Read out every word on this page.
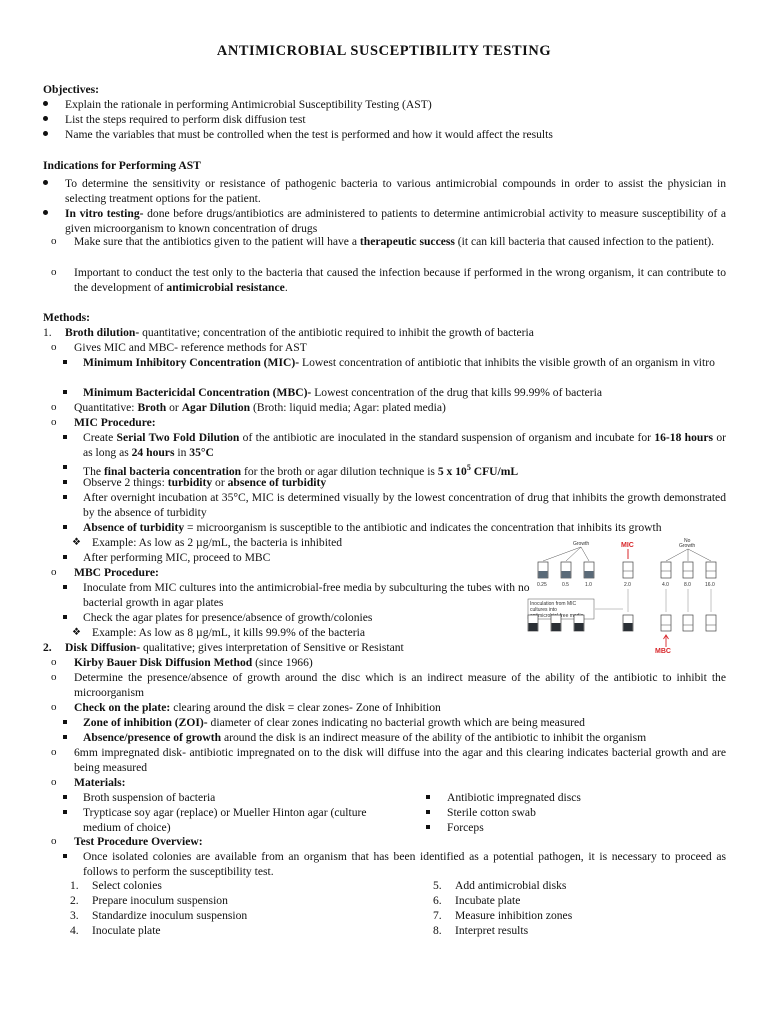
ANTIMICROBIAL SUSCEPTIBILITY TESTING
Objectives:
Explain the rationale in performing Antimicrobial Susceptibility Testing (AST)
List the steps required to perform disk diffusion test
Name the variables that must be controlled when the test is performed and how it would affect the results
Indications for Performing AST
To determine the sensitivity or resistance of pathogenic bacteria to various antimicrobial compounds in order to assist the physician in selecting treatment options for the patient.
In vitro testing- done before drugs/antibiotics are administered to patients to determine antimicrobial activity to measure susceptibility of a given microorganism to known concentration of drugs
o	Make sure that the antibiotics given to the patient will have a therapeutic success (it can kill bacteria that caused infection to the patient).
o	Important to conduct the test only to the bacteria that caused the infection because if performed in the wrong organism, it can contribute to the development of antimicrobial resistance.
Methods:
1. Broth dilution- quantitative; concentration of the antibiotic required to inhibit the growth of bacteria
o	Gives MIC and MBC- reference methods for AST
Minimum Inhibitory Concentration (MIC)- Lowest concentration of antibiotic that inhibits the visible growth of an organism in vitro
Minimum Bactericidal Concentration (MBC)- Lowest concentration of the drug that kills 99.99% of bacteria
o	Quantitative: Broth or Agar Dilution (Broth: liquid media; Agar: plated media)
o	MIC Procedure:
Create Serial Two Fold Dilution of the antibiotic are inoculated in the standard suspension of organism and incubate for 16-18 hours or as long as 24 hours in 35°C
The final bacteria concentration for the broth or agar dilution technique is 5 x $10^5$ CFU/mL
Observe 2 things: turbidity or absence of turbidity
After overnight incubation at 35°C, MIC is determined visually by the lowest concentration of drug that inhibits the growth demonstrated by the absence of turbidity
Absence of turbidity = microorganism is susceptible to the antibiotic and indicates the concentration that inhibits its growth
❖ Example: As low as 2 µg/mL, the bacteria is inhibited
After performing MIC, proceed to MBC
o	MBC Procedure:
Inoculate from MIC cultures into the antimicrobial-free media by subculturing the tubes with no bacterial growth in agar plates
Check the agar plates for presence/absence of growth/colonies
❖ Example: As low as 8 µg/mL, it kills 99.9% of the bacteria
Growth	MIC
No
Growth
0.25	0.5	1.0	2.0	4.0	8.0	16.0
Inoculation from MIC
cultures into
antimicrobial-free
MBC
2. Disk Diffusion- qualitative; gives interpretation of Sensitive or Resistant
o	Kirby Bauer Disk Diffusion Method (since 1966)
o	Determine the presence/absence of growth around the disc which is an indirect measure of the ability of the antibiotic to inhibit the microorganism
o	Check on the plate: clearing around the disk = clear zones- Zone of Inhibition
Zone of inhibition (ZOI)- diameter of clear zones indicating no bacterial growth which are being measured
Absence/presence of growth around the disk is an indirect measure of the ability of the antibiotic to inhibit the organism
o	6mm impregnated disk- antibiotic impregnated on to the disk will diffuse into the agar and this clearing indicates bacterial growth and are being measured
o	Materials:
Broth suspension of bacteria
Trypticase soy agar (replace) or Mueller Hinton agar (culture medium of choice)
Antibiotic impregnated discs
Sterile cotton swab
Forceps
o	Test Procedure Overview:
Once isolated colonies are available from an organism that has been identified as a potential pathogen, it is necessary to proceed as follows to perform the susceptibility test.
1. Select colonies
2. Prepare inoculum suspension
3. Standardize inoculum suspension
4. Inoculate plate
5. Add antimicrobial disks
6. Incubate plate
7. Measure inhibition zones
8. Interpret results
